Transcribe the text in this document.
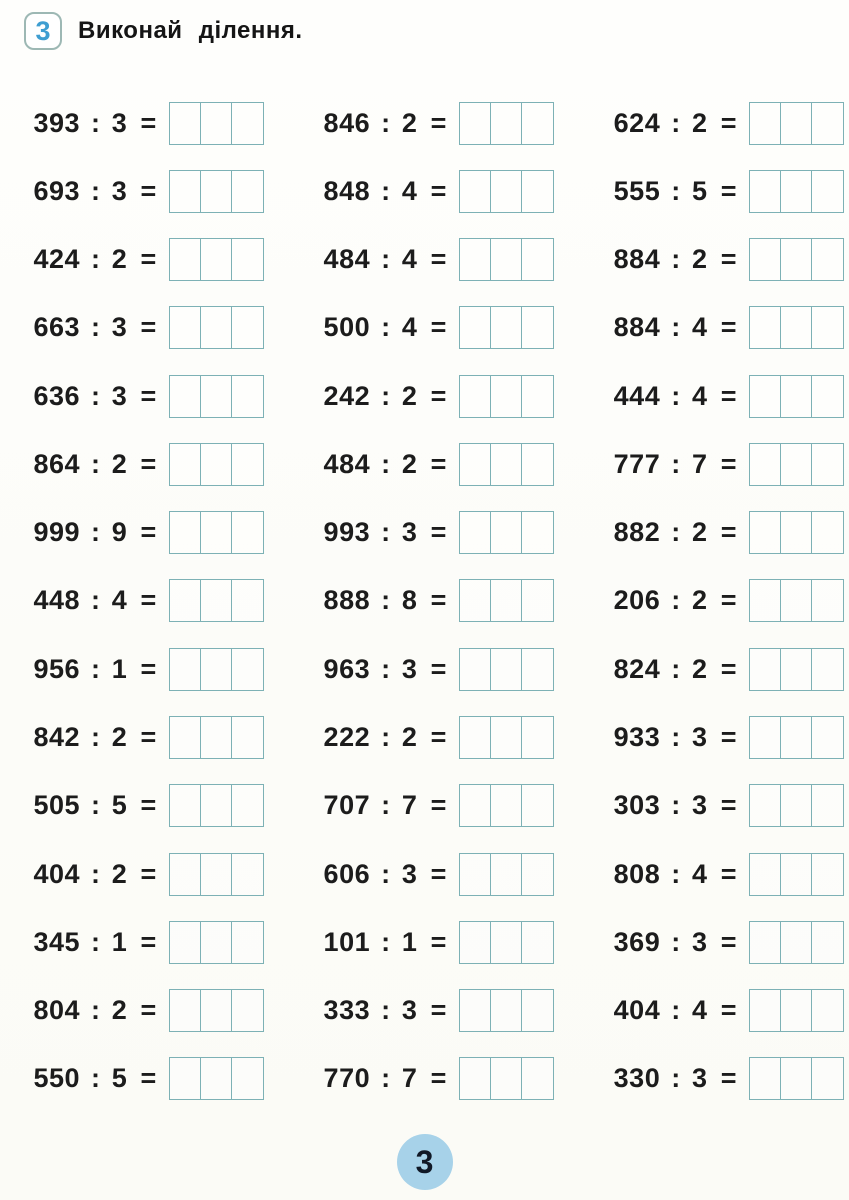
3 Виконай ділення.
393 : 3 =
693 : 3 =
424 : 2 =
663 : 3 =
636 : 3 =
864 : 2 =
999 : 9 =
448 : 4 =
956 : 1 =
842 : 2 =
505 : 5 =
404 : 2 =
345 : 1 =
804 : 2 =
550 : 5 =
846 : 2 =
848 : 4 =
484 : 4 =
500 : 4 =
242 : 2 =
484 : 2 =
993 : 3 =
888 : 8 =
963 : 3 =
222 : 2 =
707 : 7 =
606 : 3 =
101 : 1 =
333 : 3 =
770 : 7 =
624 : 2 =
555 : 5 =
884 : 2 =
884 : 4 =
444 : 4 =
777 : 7 =
882 : 2 =
206 : 2 =
824 : 2 =
933 : 3 =
303 : 3 =
808 : 4 =
369 : 3 =
404 : 4 =
330 : 3 =
3
